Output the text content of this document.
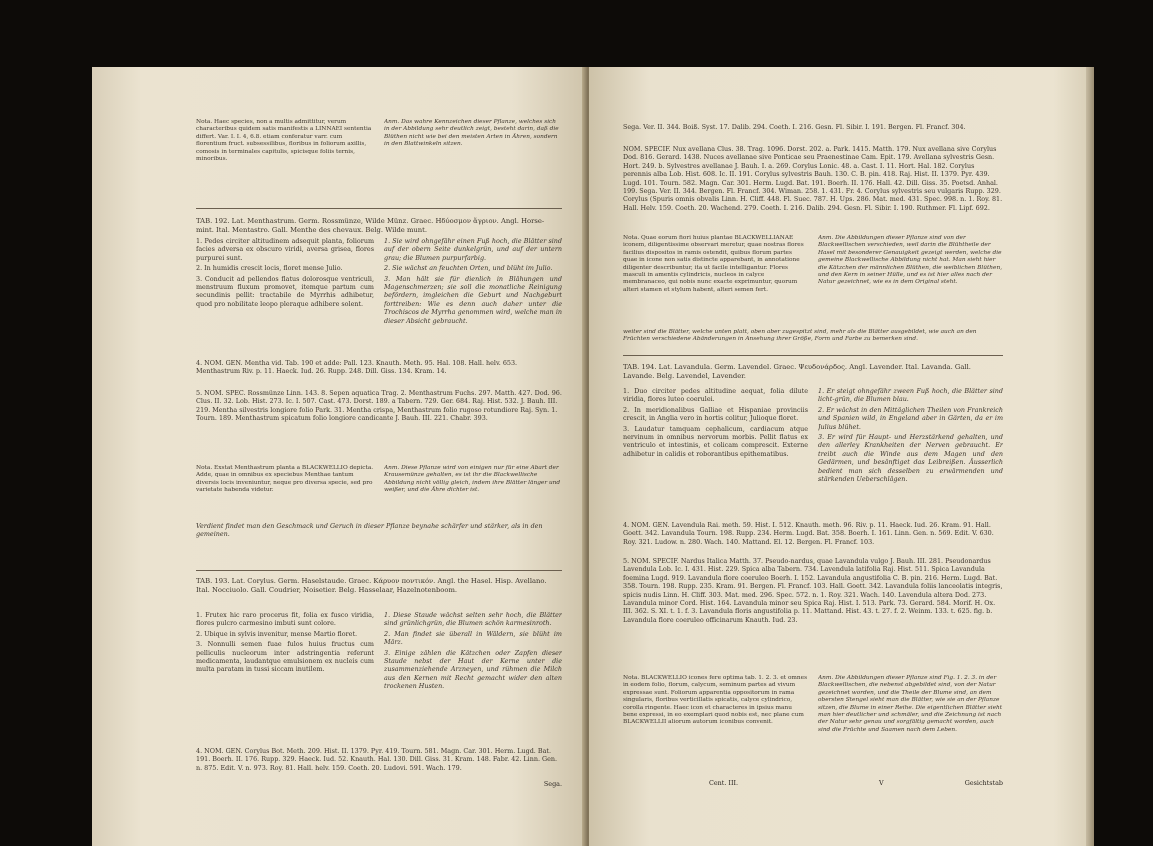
Nota. Haec species, non a multis admittitur, verum characteribus quidem satis manifestis a LINNAEI sententia differt. Var. I. I. 4, 6.8. etiam conferatur varr. cum florentium fruct. subsessilibus, floribus in foliorum axillis, comosis in terminales capitulis, spicisque foliis ternis, minoribus.
Anm. Das wahre Kennzeichen dieser Pflanze, welches sich in der Abbildung sehr deutlich zeigt, besteht darin, daß die Blüthen nicht wie bei den meisten Arten in Ähren, sondern in den Blattwinkeln sitzen.
TAB. 192. Lat. Menthastrum. Germ. Rossmünze, Wilde Münz. Graec. Ηδύοσμον ἄγριον. Angl. Horse-mint. Ital. Mentastro. Gall. Menthe des chevaux. Belg. Wilde munt.

1. Pedes circiter altitudinem adsequit planta, foliorum facies adversa ex obscuro viridi, aversa grisea, flores purpurei sunt.

2. In humidis crescit locis, floret mense Julio.

3. Conducit ad pellendos flatus dolorosque ventriculi, menstruum fluxum promovet, itemque partum cum secundinis pellit: tractabile de Myrrhis adhibetur, quod pro nobilitate leopo pleraque adhibere solent.

1. Sie wird ohngefähr einen Fuß hoch, die Blätter sind auf der obern Seite dunkelgrün, und auf der untern grau; die Blumen purpurfarbig.

2. Sie wächst an feuchten Orten, und blüht im Julio.

3. Man hält sie für dienlich in Blähungen und Magenschmerzen; sie soll die monatliche Reinigung befördern, imgleichen die Geburt und Nachgeburt forttreiben: Wie es denn auch daher unter die Trochiscos de Myrrha genommen wird, welche man in dieser Absicht gebraucht.

4. NOM. GEN. Mentha vid. Tab. 190 et adde: Pall. 123. Knauth. Meth. 95. Hal. 108. Hall. helv. 653. Menthastrum Riv. p. 11. Haeck. Iud. 26. Rupp. 248. Dill. Giss. 134. Kram. 14.
5. NOM. SPEC. Rossmünze Linn. 143. 8. Sepen aquatica Trag. 2. Menthastrum Fuchs. 297. Matth. 427. Dod. 96. Clus. II. 32. Lob. Hist. 273. Ic. I. 507. Cast. 473. Dorst. 189. a Tabern. 729. Ger. 684. Raj. Hist. 532. J. Bauh. III. 219. Mentha silvestris longiore folio Park. 31. Mentha crispa, Menthastrum folio rugoso rotundiore Raj. Syn. 1. Tourn. 189. Menthastrum spicatum folio longiore candicante J. Bauh. III. 221. Chabr. 393.
Nota. Exstat Menthastrum planta a BLACKWELLIO depicta. Adde, quae in omnibus ex speciebus Menthae tantum diversis locis inveniuntur, neque pro diversa specie, sed pro varietate habenda videtur.
Anm. Diese Pflanze wird von einigen nur für eine Abart der Krausemünze gehalten, es ist ihr die Blackwellische Abbildung nicht völlig gleich, indem ihre Blätter länger und weißer, und die Ähre dichter ist.
Verdient findet man den Geschmack und Geruch in dieser Pflanze beynahe schärfer und stärker, als in den gemeinen.
TAB. 193. Lat. Corylus. Germ. Haselstaude. Graec. Κάρυον ποντικόν. Angl. the Hasel. Hisp. Avellano. Ital. Nocciuolo. Gall. Coudrier, Noisetier. Belg. Hasselaar, Hazelnotenboom.

1. Frutex hic raro procerus fit, folia ex fusco viridia, flores pulcro carmesino imbuti sunt colore.

2. Ubique in sylvis invenitur, mense Martio floret.

3. Nonnulli semen fuae fulos huius fructus cum pelliculis nucleorum inter adstringentia referunt medicamenta, laudantque emulsionem ex nucleis cum multa paratam in tussi siccam inutilem.

1. Diese Staude wächst selten sehr hoch, die Blätter sind grünlichgrün, die Blumen schön karmesinroth.

2. Man findet sie überall in Wäldern, sie blüht im März.

3. Einige zählen die Kätzchen oder Zapfen dieser Staude nebst der Haut der Kerne unter die zusammenziehende Arzneyen, und rühmen die Milch aus den Kernen mit Recht gemacht wider den alten trockenen Husten.

4. NOM. GEN. Corylus Bot. Meth. 209. Hist. II. 1379. Pyr. 419. Tourn. 581. Magn. Car. 301. Herm. Lugd. Bat. 191. Boerh. II. 176. Rupp. 329. Haeck. Iud. 52. Knauth. Hal. 130. Dill. Giss. 31. Kram. 148. Fabr. 42. Linn. Gen. n. 875. Edit. V. n. 973. Roy. 81. Hall. helv. 159. Coeth. 20. Ludovi. 591. Wach. 179.
Sega.
Sega. Ver. II. 344. Boiß. Syst. 17. Dalib. 294. Coeth. I. 216. Gesn. Fl. Sibir. I. 191. Bergen. Fl. Francf. 304.
NOM. SPECIF. Nux avellana Clus. 38. Trag. 1096. Dorst. 202. a. Park. 1415. Matth. 179. Nux avellana sive Corylus Dod. 816. Gerard. 1438. Nuces avellanae sive Ponticae seu Praenestinae Cam. Epit. 179. Avellana sylvestris Gesn. Hort. 249. b. Sylvestres avellanae J. Bauh. I. a. 269. Corylus Lonic. 48. a. Cast. I. 11. Hort. Hal. 182. Corylus perennis alba Lob. Hist. 608. Ic. II. 191. Corylus sylvestris Bauh. 130. C. B. pin. 418. Raj. Hist. II. 1379. Pyr. 439. Lugd. 101. Tourn. 582. Magn. Car. 301. Herm. Lugd. Bat. 191. Boerh. II. 176. Hall. 42. Dill. Giss. 35. Poetsd. Anhal. 199. Sega. Ver. II. 344. Bergen. Fl. Francf. 304. Wiman. 258. 1. 431. Fr. 4. Corylus sylvestris seu vulgaris Rupp. 329. Corylus (Spuris omnis obvalis Linn. H. Cliff. 448. Fl. Suec. 787. H. Ups. 286. Mat. med. 431. Spec. 998. n. 1. Roy. 81. Hall. Helv. 159. Coeth. 20. Wachend. 279. Coeth. I. 216. Dalib. 294. Gesn. Fl. Sibir. I. 190. Ruthmer. Fl. Lipf. 692.
Nota. Quae eorum fiori huius plantae BLACKWELLIANAE iconem, diligentissime observari meretur, quae nostras flores facilius dispositos in ramis ostendit, quibus florum partes quae in icone non satis distincte apparebant, in annotatione diligenter describuntur, ita ut facile intelligantur. Flores masculi in amentis cylindricis, nucleos in calyce membranaceo, qui nobis nunc exacte exprimuntur, quorum alteri stamen et stylum habent, alteri semen fert.
Anm. Die Abbildungen dieser Pflanze sind von der Blackwellischen verschieden, weil darin die Blühtheile der Hasel mit besonderer Genauigkeit gezeigt werden, welche die gemeine Blackwellische Abbildung nicht hat. Man sieht hier die Kätzchen der männlichen Blüthen, die weiblichen Blüthen, und den Kern in seiner Hülle, und es ist hier alles nach der Natur gezeichnet, wie es in dem Original steht.
weiter sind die Blätter, welche unten platt, oben aber zugespitzt sind, mehr als die Blätter ausgebildet, wie auch an den Früchten verschiedene Abänderungen in Ansehung ihrer Größe, Form und Farbe zu bemerken sind.
TAB. 194. Lat. Lavandula. Germ. Lavendel. Graec. Ψευδονάρδος. Angl. Lavender. Ital. Lavanda. Gall. Lavande. Belg. Lavendel, Lavender.

1. Duo circiter pedes altitudine aequat, folia dilute viridia, flores luteo coerulei.

2. In meridionalibus Galliae et Hispaniae provinciis crescit, in Anglia vero in hortis colitur, Julioque floret.

3. Laudatur tamquam cephalicum, cardiacum atque nervinum in omnibus nervorum morbis. Pellit flatus ex ventriculo et intestinis, et colicam comprescit. Externe adhibetur in calidis et roborantibus epithematibus.

1. Er steigt ohngefähr zween Fuß hoch, die Blätter sind licht-grün, die Blumen blau.

2. Er wächst in den Mittäglichen Theilen von Frankreich und Spanien wild, in Engeland aber in Gärten, da er im Julius blühet.

3. Er wird für Haupt- und Herzstärkend gehalten, und den allerley Krankheiten der Nerven gebraucht. Er treibt auch die Winde aus dem Magen und den Gedärmen, und besänftiget das Leibreißen. Äusserlich bedient man sich desselben zu erwärmenden und stärkenden Ueberschlägen.

4. NOM. GEN. Lavendula Rai. meth. 59. Hist. I. 512. Knauth. meth. 96. Riv. p. 11. Haeck. Iud. 26. Kram. 91. Hall. Goett. 342. Lavandula Tourn. 198. Rupp. 234. Herm. Lugd. Bat. 358. Boerh. I. 161. Linn. Gen. n. 569. Edit. V. 630. Roy. 321. Ludow. n. 280. Wach. 140. Mattand. El. 12. Bergen. Fl. Francf. 103.
5. NOM. SPECIF. Nardus Italica Matth. 37. Pseudo-nardus, quae Lavandula vulgo J. Bauh. III. 281. Pseudonardus Lavendula Lob. Ic. I. 431. Hist. 229. Spica alba Tabern. 734. Lavendula latifolia Raj. Hist. 511. Spica Lavandula foemina Lugd. 919. Lavandula flore coeruleo Boerh. I. 152. Lavandula angustifolia C. B. pin. 216. Herm. Lugd. Bat. 358. Tourn. 198. Rupp. 235. Kram. 91. Bergen. Fl. Francf. 103. Hall. Goett. 342. Lavandula foliis lanceolatis integris, spicis nudis Linn. H. Cliff. 303. Mat. med. 296. Spec. 572. n. 1. Roy. 321. Wach. 140. Lavendula altera Dod. 273. Lavandula minor Cord. Hist. 164. Lavandula minor seu Spica Raj. Hist. I. 513. Park. 73. Gerard. 584. Morif. H. Ox. III. 362. S. XI. t. 1. f. 3. Lavandula floris angustifolia p. 11. Mattand. Hist. 43. t. 27. f. 2. Weinm. 133. t. 625. fig. b. Lavandula flore coeruleo officinarum Knauth. Iud. 23.
Nota. BLACKWELLIO icones fere optima tab. 1. 2. 3. et omnes in eodem folio, florum, calycum, seminum partes ad vivum expressae sunt. Foliorum apparentia oppositorum in rama singularis, floribus verticillatis spicatis, calyce cylindrico, corolla ringente. Haec icon et characteres in ipsius manu bene expressi, in eo exemplari quod nobis est, nec plane cum BLACKWELLII aliorum autorum iconibus convenit.
Anm. Die Abbildungen dieser Pflanze sind Fig. 1. 2. 3. in der Blackwellischen, die nebenst abgebildet sind, von der Natur gezeichnet worden, und die Theile der Blume sind, an dem obersten Stengel sieht man die Blätter, wie sie an der Pflanze sitzen, die Blume in einer Reihe. Die eigentlichen Blätter sieht man hier deutlicher und schmäler, und die Zeichnung ist nach der Natur sehr genau und sorgfältig gemacht worden, auch sind die Früchte und Saamen nach dem Leben.
Cent. III.	V	Gesichtstab
